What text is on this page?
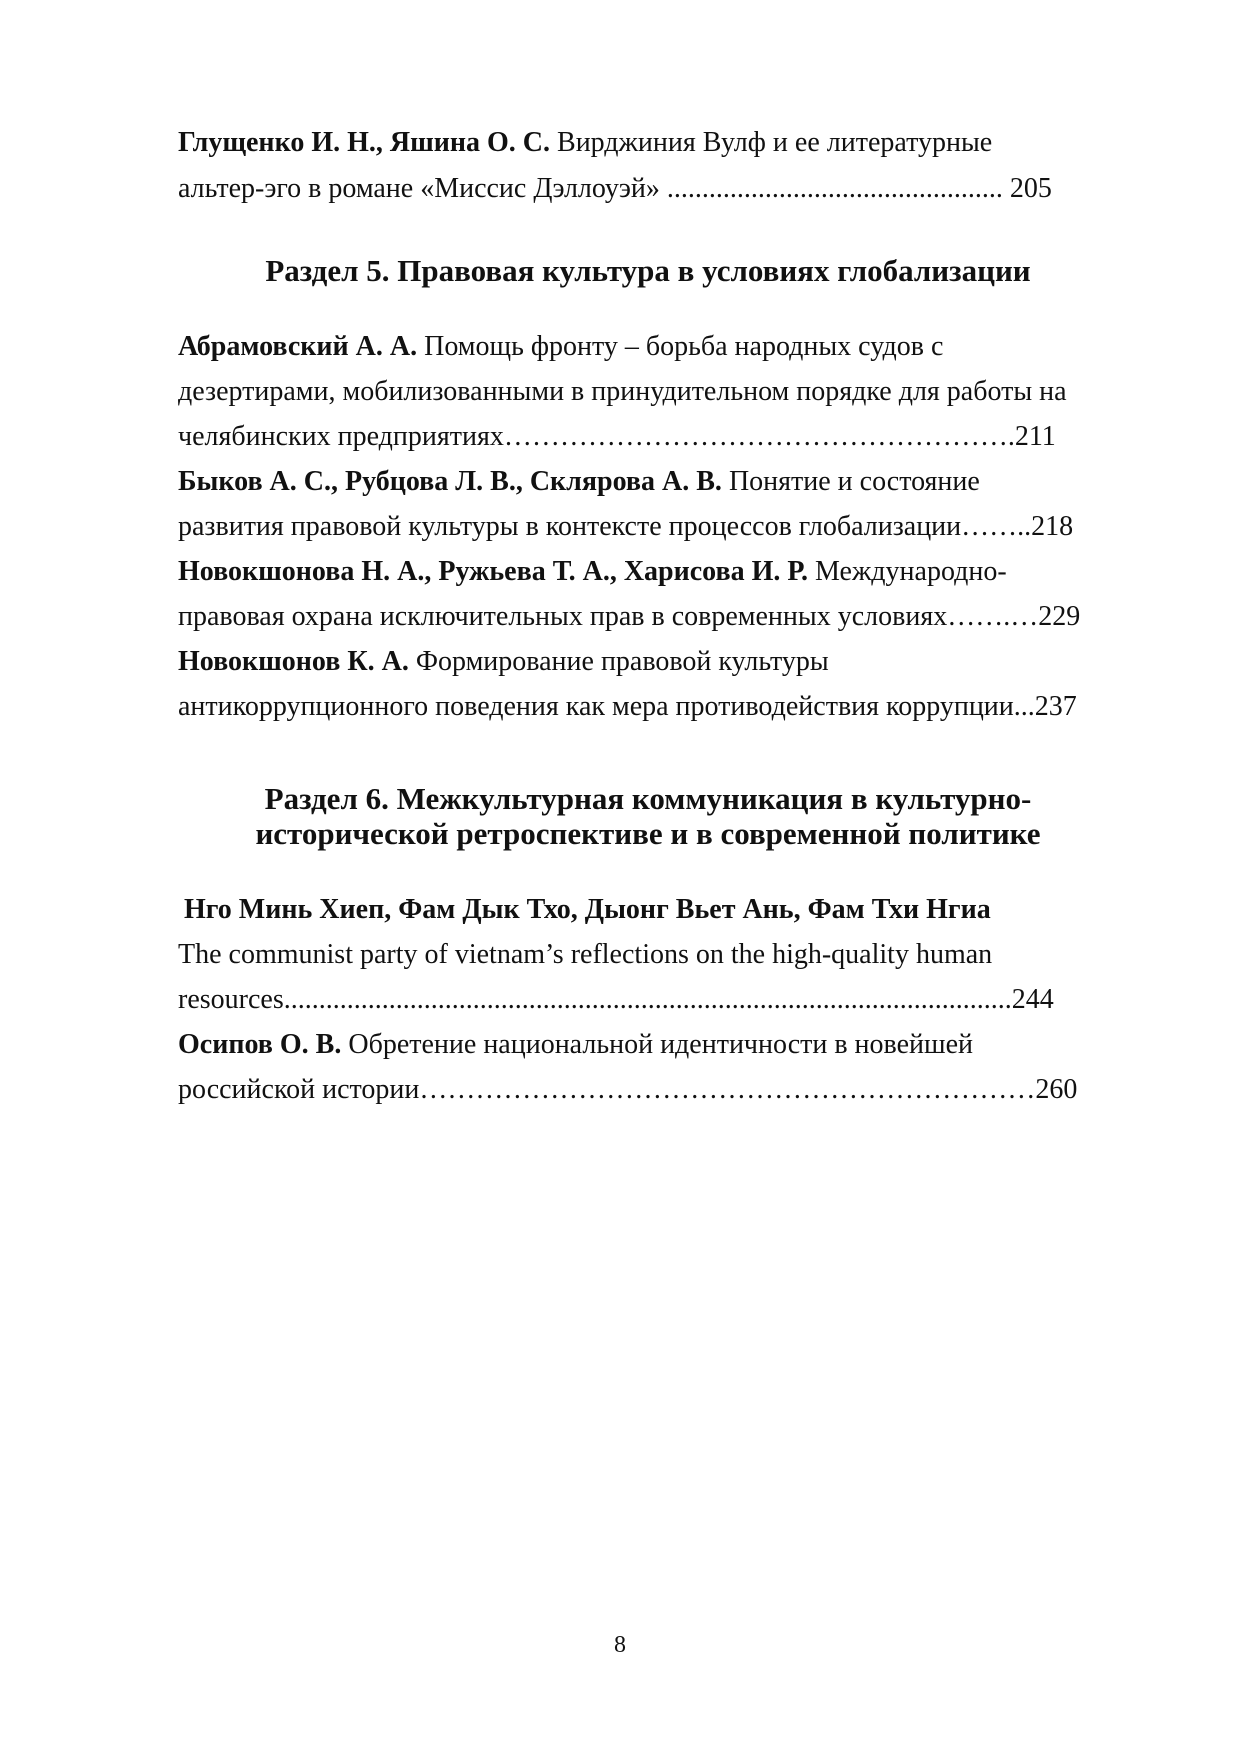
Глущенко И. Н., Яшина О. С. Вирджиния Вулф и ее литературные
альтер-эго в романе «Миссис Дэллоуэй» ................................................ 205
Раздел 5. Правовая культура в условиях глобализации
Абрамовский А. А. Помощь фронту – борьба народных судов с
дезертирами, мобилизованными в принудительном порядке для работы на
челябинских предприятиях……………………………………………….211
Быков А. С., Рубцова Л. В., Склярова А. В. Понятие и состояние
развития правовой культуры в контексте процессов глобализации……..218
Новокшонова Н. А., Ружьева Т. А., Харисова И. Р. Международно-
правовая охрана исключительных прав в современных условиях…….…229
Новокшонов К. А. Формирование правовой культуры
антикоррупционного поведения как мера противодействия коррупции...237
Раздел 6. Межкультурная коммуникация в культурно-
исторической ретроспективе и в современной политике
Нго Минь Хиеп, Фам Дык Тхо, Дыонг Вьет Ань, Фам Тхи Нгиа
The communist party of vietnam’s reflections on the high-quality human
resources........................................................................................................244
Осипов О. В. Обретение национальной идентичности в новейшей
российской истории…………………………………………………………260
8
